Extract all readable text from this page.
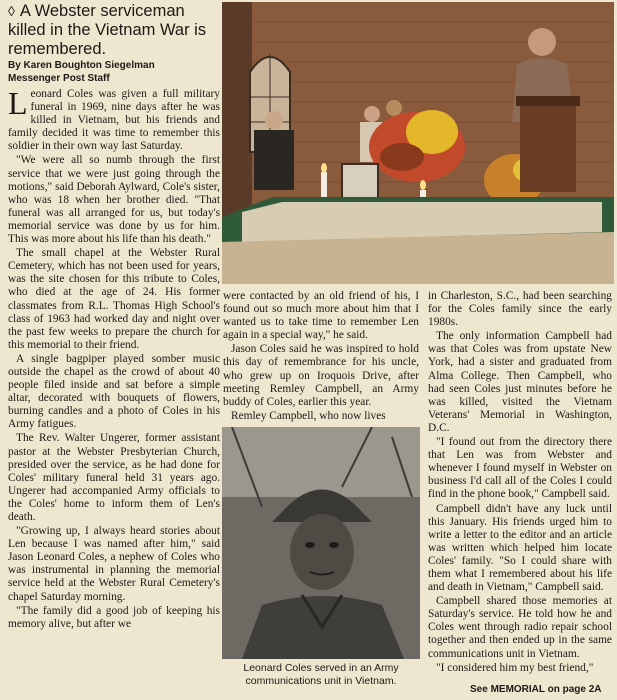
◊ A Webster serviceman killed in the Vietnam War is remembered.
By Karen Boughton Siegelman
Messenger Post Staff

Leonard Coles was given a full military funeral in 1969, nine days after he was killed in Vietnam, but his friends and family decided it was time to remember this soldier in their own way last Saturday.

"We were all so numb through the first service that we were just going through the motions," said Deborah Aylward, Cole's sister, who was 18 when her brother died. "That funeral was all arranged for us, but today's memorial service was done by us for him. This was more about his life than his death."

The small chapel at the Webster Rural Cemetery, which has not been used for years, was the site chosen for this tribute to Coles, who died at the age of 24. His former classmates from R.L. Thomas High School's class of 1963 had worked day and night over the past few weeks to prepare the church for this memorial to their friend.

A single bagpiper played somber music outside the chapel as the crowd of about 40 people filed inside and sat before a simple altar, decorated with bouquets of flowers, burning candles and a photo of Coles in his Army fatigues.

The Rev. Walter Ungerer, former assistant pastor at the Webster Presbyterian Church, presided over the service, as he had done for Coles' military funeral held 31 years ago. Ungerer had accompanied Army officials to the Coles' home to inform them of Len's death.

"Growing up, I always heard stories about Len because I was named after him," said Jason Leonard Coles, a nephew of Coles who was instrumental in planning the memorial service held at the Webster Rural Cemetery's chapel Saturday morning.

"The family did a good job of keeping his memory alive, but after we

were contacted by an old friend of his, I found out so much more about him that I wanted us to take time to remember Len again in a special way," he said.

Jason Coles said he was inspired to hold this day of remembrance for his uncle, who grew up on Iroquois Drive, after meeting Remley Campbell, an Army buddy of Coles, earlier this year.

Remley Campbell, who now lives

Leonard Coles served in an Army communications unit in Vietnam.

in Charleston, S.C., had been searching for the Coles family since the early 1980s.

The only information Campbell had was that Coles was from upstate New York, had a sister and graduated from Alma College. Then Campbell, who had seen Coles just minutes before he was killed, visited the Vietnam Veterans' Memorial in Washington, D.C.

"I found out from the directory there that Len was from Webster and whenever I found myself in Webster on business I'd call all of the Coles I could find in the phone book," Campbell said.

Campbell didn't have any luck until this January. His friends urged him to write a letter to the editor and an article was written which helped him locate Coles' family. "So I could share with them what I remembered about his life and death in Vietnam," Campbell said.

Campbell shared those memories at Saturday's service. He told how he and Coles went through radio repair school together and then ended up in the same communications unit in Vietnam.

"I considered him my best friend,"

See MEMORIAL on page 2A
